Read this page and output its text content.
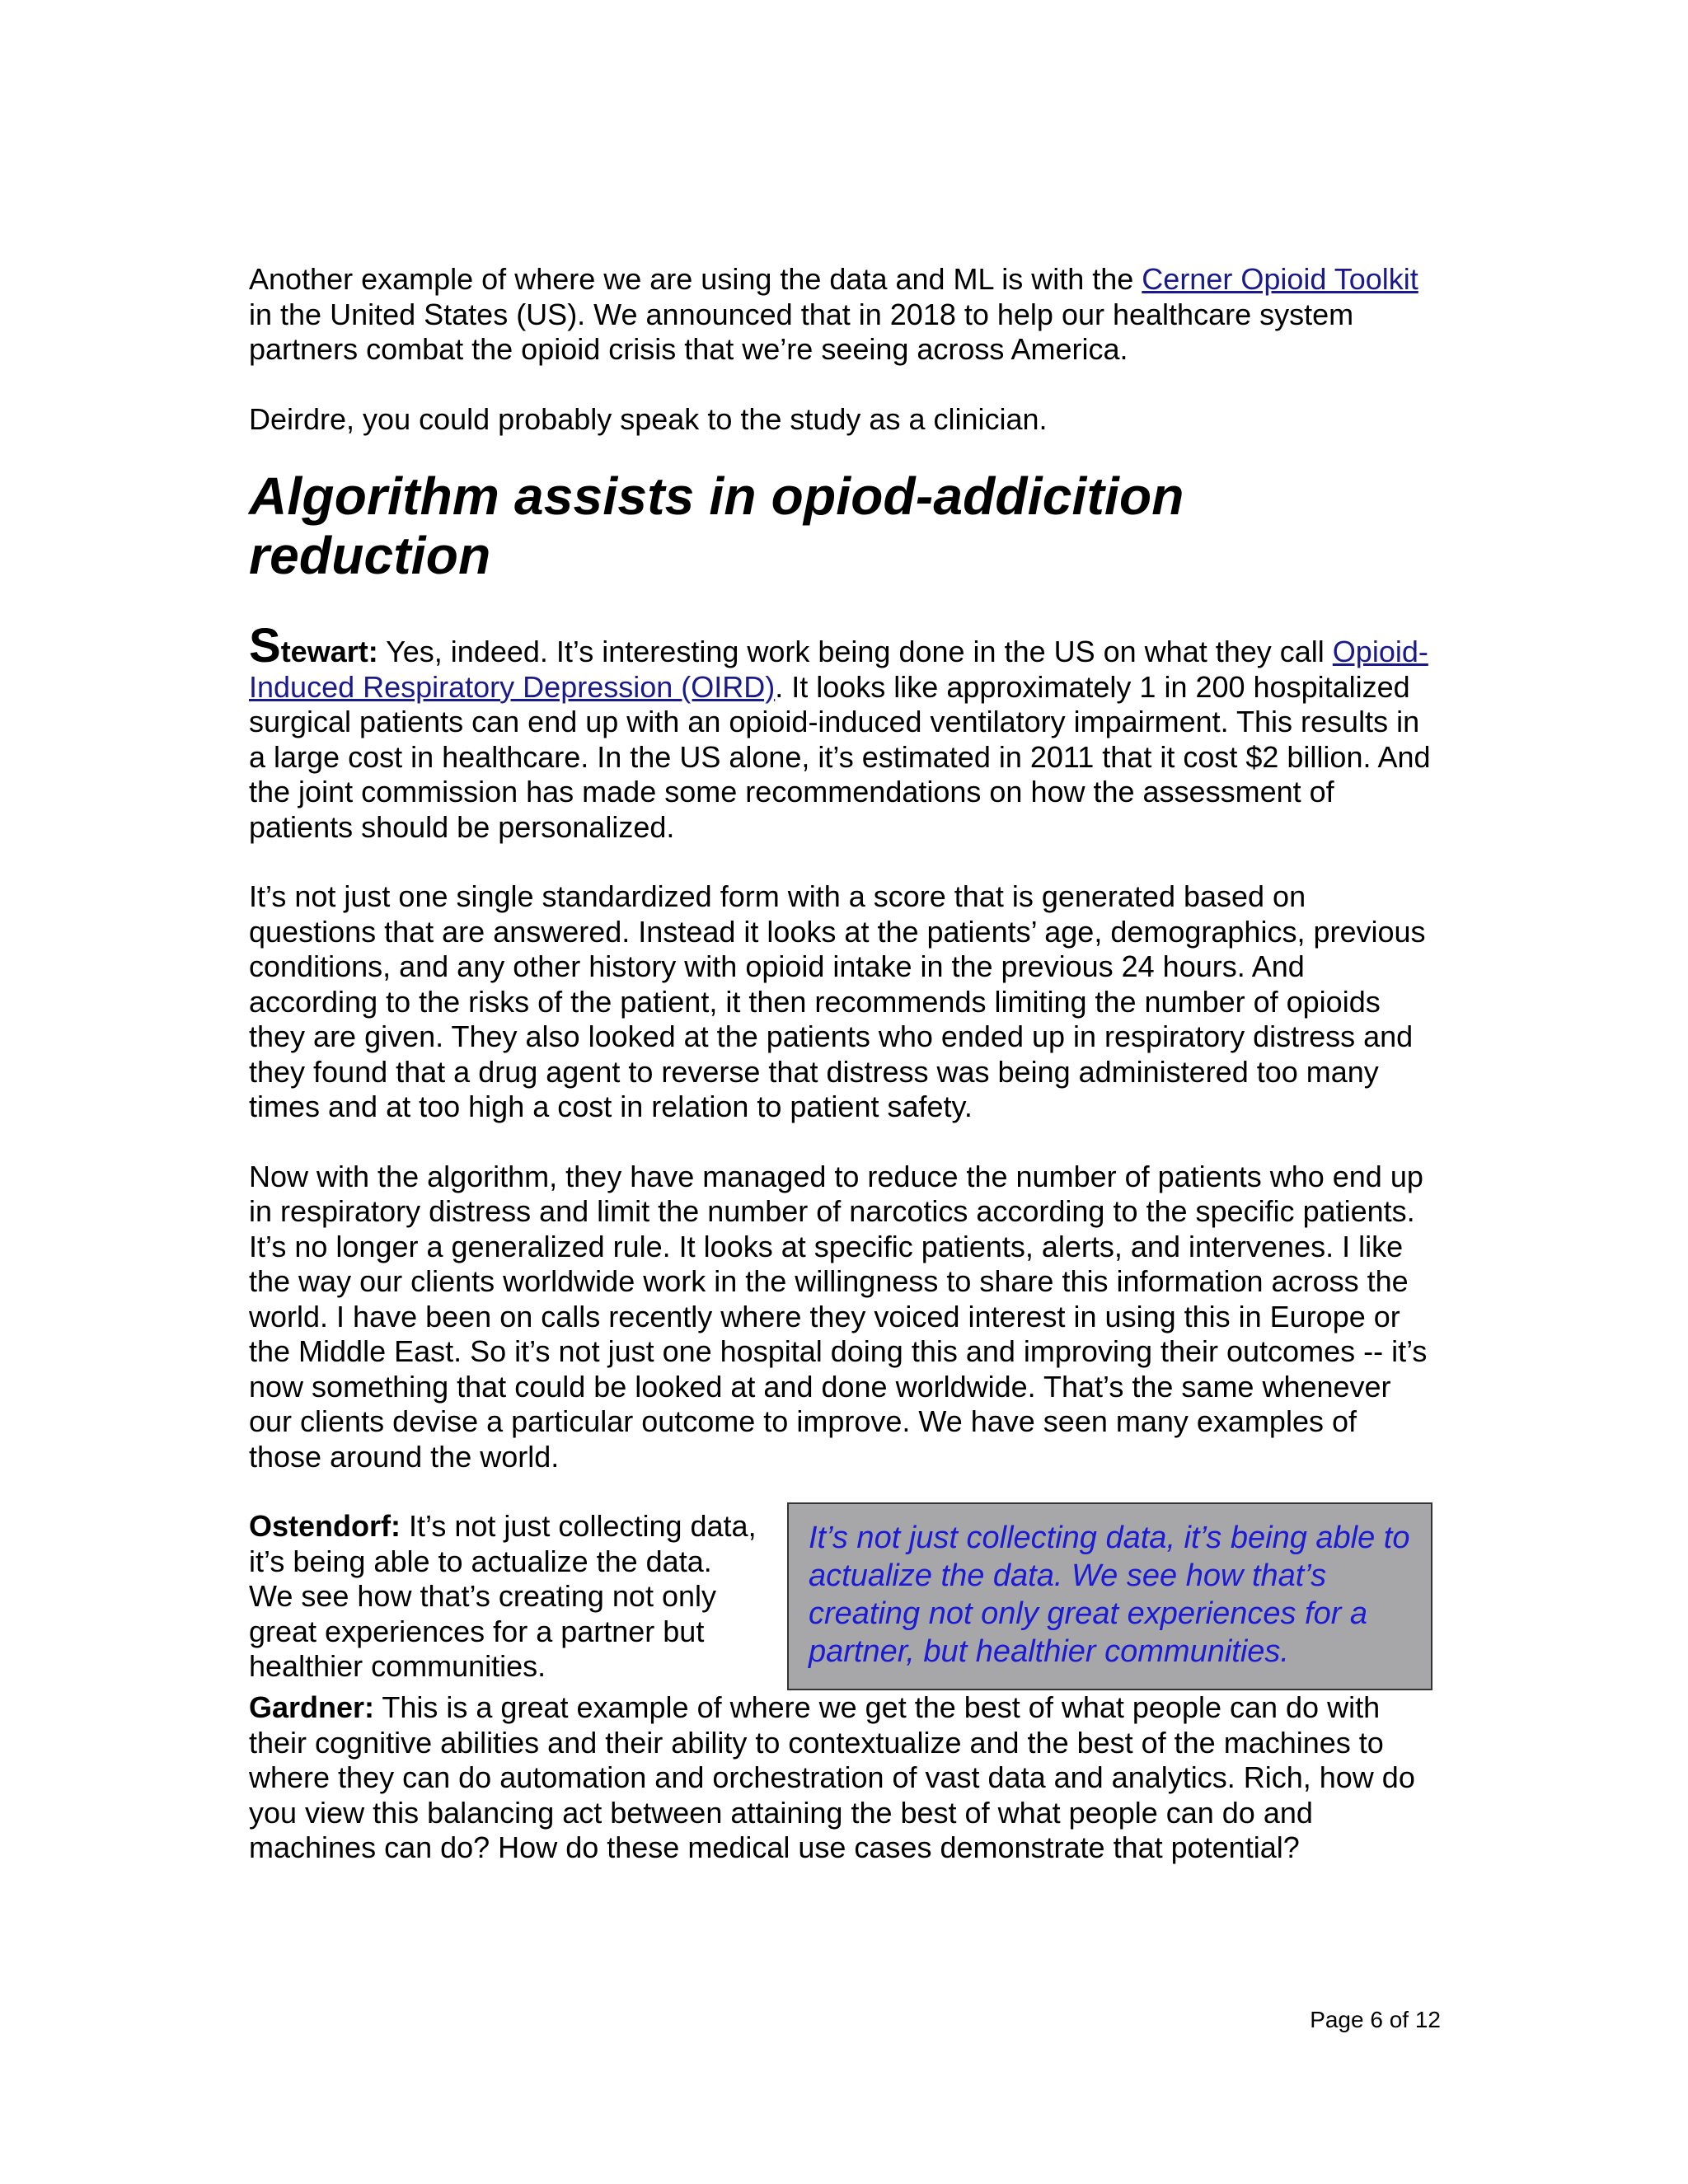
Another example of where we are using the data and ML is with the Cerner Opioid Toolkit in the United States (US). We announced that in 2018 to help our healthcare system partners combat the opioid crisis that we’re seeing across America.

Deirdre, you could probably speak to the study as a clinician.

Algorithm assists in opiod-addicition reduction

Stewart: Yes, indeed. It’s interesting work being done in the US on what they call Opioid-Induced Respiratory Depression (OIRD). It looks like approximately 1 in 200 hospitalized surgical patients can end up with an opioid-induced ventilatory impairment. This results in a large cost in healthcare. In the US alone, it’s estimated in 2011 that it cost $2 billion. And the joint commission has made some recommendations on how the assessment of patients should be personalized.

It’s not just one single standardized form with a score that is generated based on questions that are answered. Instead it looks at the patients’ age, demographics, previous conditions, and any other history with opioid intake in the previous 24 hours. And according to the risks of the patient, it then recommends limiting the number of opioids they are given. They also looked at the patients who ended up in respiratory distress and they found that a drug agent to reverse that distress was being administered too many times and at too high a cost in relation to patient safety.

Now with the algorithm, they have managed to reduce the number of patients who end up in respiratory distress and limit the number of narcotics according to the specific patients. It’s no longer a generalized rule. It looks at specific patients, alerts, and intervenes. I like the way our clients worldwide work in the willingness to share this information across the world. I have been on calls recently where they voiced interest in using this in Europe or the Middle East. So it’s not just one hospital doing this and improving their outcomes -- it’s now something that could be looked at and done worldwide. That’s the same whenever our clients devise a particular outcome to improve. We have seen many examples of those around the world.

It’s not just collecting data, it’s being able to actualize the data. We see how that’s creating not only great experiences for a partner, but healthier communities.

Ostendorf: It’s not just collecting data, it’s being able to actualize the data. We see how that’s creating not only great experiences for a partner but healthier communities.

Gardner: This is a great example of where we get the best of what people can do with their cognitive abilities and their ability to contextualize and the best of the machines to where they can do automation and orchestration of vast data and analytics. Rich, how do you view this balancing act between attaining the best of what people can do and machines can do? How do these medical use cases demonstrate that potential?

Page 6 of 12
